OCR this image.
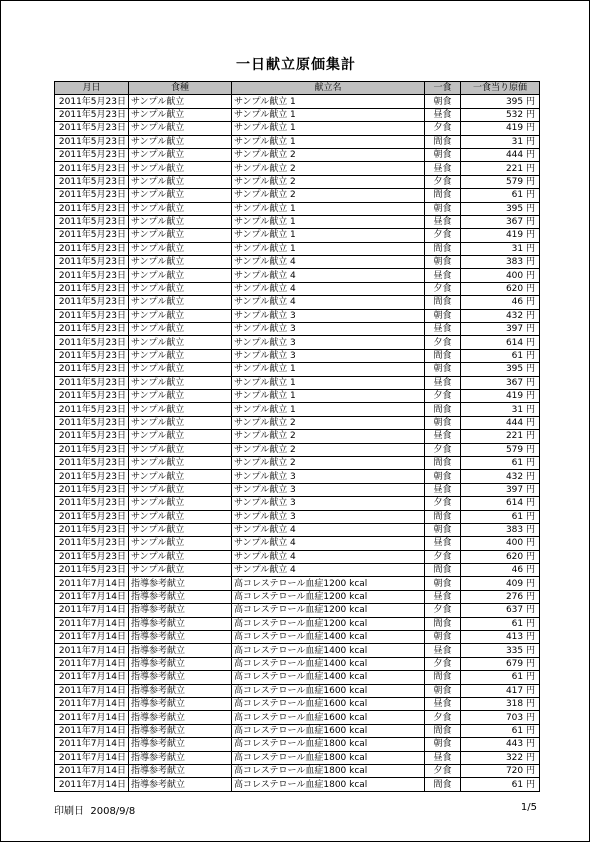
一日献立原価集計
月日	食種	献立名	一食	一食当り原価
2011年5月23日	サンプル献立	サンプル献立 1	朝食	395 円
2011年5月23日	サンプル献立	サンプル献立 1	昼食	532 円
2011年5月23日	サンプル献立	サンプル献立 1	夕食	419 円
2011年5月23日	サンプル献立	サンプル献立 1	間食	31 円
2011年5月23日	サンプル献立	サンプル献立 2	朝食	444 円
2011年5月23日	サンプル献立	サンプル献立 2	昼食	221 円
2011年5月23日	サンプル献立	サンプル献立 2	夕食	579 円
2011年5月23日	サンプル献立	サンプル献立 2	間食	61 円
2011年5月23日	サンプル献立	サンプル献立 1	朝食	395 円
2011年5月23日	サンプル献立	サンプル献立 1	昼食	367 円
2011年5月23日	サンプル献立	サンプル献立 1	夕食	419 円
2011年5月23日	サンプル献立	サンプル献立 1	間食	31 円
2011年5月23日	サンプル献立	サンプル献立 4	朝食	383 円
2011年5月23日	サンプル献立	サンプル献立 4	昼食	400 円
2011年5月23日	サンプル献立	サンプル献立 4	夕食	620 円
2011年5月23日	サンプル献立	サンプル献立 4	間食	46 円
2011年5月23日	サンプル献立	サンプル献立 3	朝食	432 円
2011年5月23日	サンプル献立	サンプル献立 3	昼食	397 円
2011年5月23日	サンプル献立	サンプル献立 3	夕食	614 円
2011年5月23日	サンプル献立	サンプル献立 3	間食	61 円
2011年5月23日	サンプル献立	サンプル献立 1	朝食	395 円
2011年5月23日	サンプル献立	サンプル献立 1	昼食	367 円
2011年5月23日	サンプル献立	サンプル献立 1	夕食	419 円
2011年5月23日	サンプル献立	サンプル献立 1	間食	31 円
2011年5月23日	サンプル献立	サンプル献立 2	朝食	444 円
2011年5月23日	サンプル献立	サンプル献立 2	昼食	221 円
2011年5月23日	サンプル献立	サンプル献立 2	夕食	579 円
2011年5月23日	サンプル献立	サンプル献立 2	間食	61 円
2011年5月23日	サンプル献立	サンプル献立 3	朝食	432 円
2011年5月23日	サンプル献立	サンプル献立 3	昼食	397 円
2011年5月23日	サンプル献立	サンプル献立 3	夕食	614 円
2011年5月23日	サンプル献立	サンプル献立 3	間食	61 円
2011年5月23日	サンプル献立	サンプル献立 4	朝食	383 円
2011年5月23日	サンプル献立	サンプル献立 4	昼食	400 円
2011年5月23日	サンプル献立	サンプル献立 4	夕食	620 円
2011年5月23日	サンプル献立	サンプル献立 4	間食	46 円
2011年7月14日	指導参考献立	高コレステロール血症1200 kcal	朝食	409 円
2011年7月14日	指導参考献立	高コレステロール血症1200 kcal	昼食	276 円
2011年7月14日	指導参考献立	高コレステロール血症1200 kcal	夕食	637 円
2011年7月14日	指導参考献立	高コレステロール血症1200 kcal	間食	61 円
2011年7月14日	指導参考献立	高コレステロール血症1400 kcal	朝食	413 円
2011年7月14日	指導参考献立	高コレステロール血症1400 kcal	昼食	335 円
2011年7月14日	指導参考献立	高コレステロール血症1400 kcal	夕食	679 円
2011年7月14日	指導参考献立	高コレステロール血症1400 kcal	間食	61 円
2011年7月14日	指導参考献立	高コレステロール血症1600 kcal	朝食	417 円
2011年7月14日	指導参考献立	高コレステロール血症1600 kcal	昼食	318 円
2011年7月14日	指導参考献立	高コレステロール血症1600 kcal	夕食	703 円
2011年7月14日	指導参考献立	高コレステロール血症1600 kcal	間食	61 円
2011年7月14日	指導参考献立	高コレステロール血症1800 kcal	朝食	443 円
2011年7月14日	指導参考献立	高コレステロール血症1800 kcal	昼食	322 円
2011年7月14日	指導参考献立	高コレステロール血症1800 kcal	夕食	720 円
2011年7月14日	指導参考献立	高コレステロール血症1800 kcal	間食	61 円
印刷日 2008/9/8	1/5
